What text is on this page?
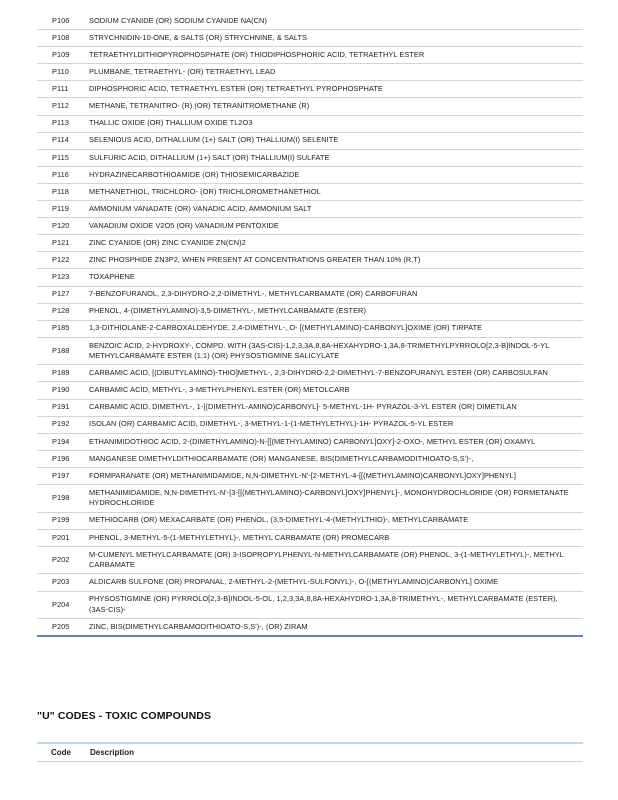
P106	SODIUM CYANIDE (OR) SODIUM CYANIDE NA(CN)
P108	STRYCHNIDIN-10-ONE, & SALTS (OR) STRYCHNINE, & SALTS
P109	TETRAETHYLDITHIOPYROPHOSPHATE (OR) THIODIPHOSPHORIC ACID, TETRAETHYL ESTER
P110	PLUMBANE, TETRAETHYL- (OR) TETRAETHYL LEAD
P111	DIPHOSPHORIC ACID, TETRAETHYL ESTER (OR) TETRAETHYL PYROPHOSPHATE
P112	METHANE, TETRANITRO- (R) (OR) TETRANITROMETHANE (R)
P113	THALLIC OXIDE (OR) THALLIUM OXIDE TL2O3
P114	SELENIOUS ACID, DITHALLIUM (1+) SALT (OR) THALLIUM(I) SELENITE
P115	SULFURIC ACID, DITHALLIUM (1+) SALT (OR) THALLIUM(I) SULFATE
P116	HYDRAZINECARBOTHIOAMIDE (OR) THIOSEMICARBAZIDE
P118	METHANETHIOL, TRICHLORO- (OR) TRICHLOROMETHANETHIOL
P119	AMMONIUM VANADATE (OR) VANADIC ACID, AMMONIUM SALT
P120	VANADIUM OXIDE V2O5 (OR) VANADIUM PENTOXIDE
P121	ZINC CYANIDE (OR) ZINC CYANIDE ZN(CN)2
P122	ZINC PHOSPHIDE ZN3P2, WHEN PRESENT AT CONCENTRATIONS GREATER THAN 10% (R,T)
P123	TOXAPHENE
P127	7-BENZOFURANOL, 2,3-DIHYDRO-2,2-DIMETHYL-, METHYLCARBAMATE (OR) CARBOFURAN
P128	PHENOL, 4-(DIMETHYLAMINO)-3,5-DIMETHYL-, METHYLCARBAMATE (ESTER)
P185	1,3-DITHIOLANE-2-CARBOXALDEHYDE, 2,4-DIMETHYL-, O- [(METHYLAMINO)-CARBONYL]OXIME (OR) TIRPATE
P188	BENZOIC ACID, 2-HYDROXY-, COMPD. WITH (3AS-CIS)-1,2,3,3A,8,8A-HEXAHYDRO-1,3A,8-TRIMETHYLPYRROLO[2,3-B]INDOL-5-YL METHYLCARBAMATE ESTER (1:1) (OR) PHYSOSTIGMINE SALICYLATE
P189	CARBAMIC ACID, [(DIBUTYLAMINO)-THIO]METHYL-, 2,3-DIHYDRO-2,2-DIMETHYL-7-BENZOFURANYL ESTER (OR) CARBOSULFAN
P190	CARBAMIC ACID, METHYL-, 3-METHYLPHENYL ESTER (OR) METOLCARB
P191	CARBAMIC ACID, DIMETHYL-, 1-[(DIMETHYL-AMINO)CARBONYL]- 5-METHYL-1H- PYRAZOL-3-YL ESTER (OR) DIMETILAN
P192	ISOLAN (OR) CARBAMIC ACID, DIMETHYL-, 3-METHYL-1-(1-METHYLETHYL)-1H- PYRAZOL-5-YL ESTER
P194	ETHANIMIDOTHIOC ACID, 2-(DIMETHYLAMINO)-N-[[(METHYLAMINO) CARBONYL]OXY]-2-OXO-, METHYL ESTER (OR) OXAMYL
P196	MANGANESE DIMETHYLDITHIOCARBAMATE (OR) MANGANESE, BIS(DIMETHYLCARBAMODITHIOATO-S,S')-,
P197	FORMPARANATE (OR) METHANIMIDAMIDE, N,N-DIMETHYL-N'-[2-METHYL-4-[[(METHYLAMINO)CARBONYL]OXY]PHENYL]
P198	METHANIMIDAMIDE, N,N-DIMETHYL-N'-[3-[[(METHYLAMINO)-CARBONYL]OXY]PHENYL]-, MONOHYDROCHLORIDE (OR) FORMETANATE HYDROCHLORIDE
P199	METHIOCARB (OR) MEXACARBATE (OR) PHENOL, (3,5-DIMETHYL-4-(METHYLTHIO)-, METHYLCARBAMATE
P201	PHENOL, 3-METHYL-5-(1-METHYLETHYL)-, METHYL CARBAMATE (OR) PROMECARB
P202	M-CUMENYL METHYLCARBAMATE (OR) 3-ISOPROPYLPHENYL-N-METHYLCARBAMATE (OR) PHENOL, 3-(1-METHYLETHYL)-, METHYL CARBAMATE
P203	ALDICARB SULFONE (OR) PROPANAL, 2-METHYL-2-(METHYL-SULFONYL)-, O-[(METHYLAMINO)CARBONYL] OXIME
P204	PHYSOSTIGMINE (OR) PYRROLO[2,3-B]INDOL-5-OL, 1,2,3,3A,8,8A-HEXAHYDRO-1,3A,8-TRIMETHYL-, METHYLCARBAMATE (ESTER), (3AS-CIS)-
P205	ZINC, BIS(DIMETHYLCARBAMODITHIOATO-S,S')-, (OR) ZIRAM
"U" CODES - TOXIC COMPOUNDS
Code	Description
